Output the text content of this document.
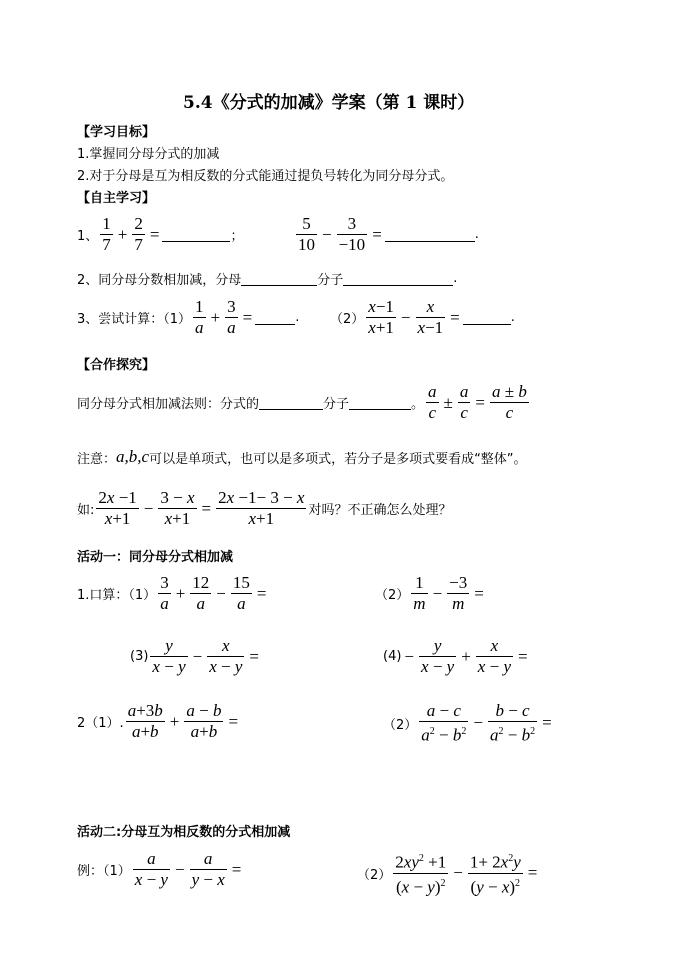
5.4《分式的加减》学案（第 1 课时）
【学习目标】
1.掌握同分母分式的加减
2.对于分母是互为相反数的分式能通过提负号转化为同分母分式。
【自主学习】
1、 $\frac{1}{7} + \frac{2}{7}$ =	；	$\frac{5}{10} - \frac{3}{-10}$ =	.
2、同分母分数相加减，分母	分子	.
3、尝试计算：$(1) \frac{1}{a} + \frac{3}{a}$ =	. $(2) \frac{x-1}{x+1} - \frac{x}{x-1}$ =	.
【合作探究】
同分母分式相加减法则：分式的	分子	。 $\frac{a}{c} \pm \frac{a}{c} = \frac{a \pm b}{c}$
注意： a,b,c 可以是单项式，也可以是多项式，若分子是多项式要看成“整体”。
如: $\frac{2x -1}{x+1} - \frac{3 - x}{x+1} = \frac{2x -1- 3 - x}{x+1}$ 对吗？不正确怎么处理？
活动一：同分母分式相加减
1.口算：$(1) \frac{3}{a} + \frac{12}{a} - \frac{15}{a}$ =	$(2) \frac{1}{m} - \frac{-3}{m}$ =
$(3) \frac{y}{x - y} - \frac{x}{x - y}$ =	$(4) - \frac{y}{x - y} + \frac{x}{x - y}$ =
2（1）. $\frac{a+3b}{a+b} + \frac{a - b}{a+b}$ =	$(2) \frac{a - c}{a^2 - b^2} - \frac{b - c}{a^2 - b^2}$ =
活动二:分母互为相反数的分式相加减
例：$(1) \frac{a}{x - y} - \frac{a}{y - x}$ =	$(2) \frac{2xy^2 +1}{(x - y)^2} - \frac{1+ 2x^2y}{(y - x)^2}$ =
